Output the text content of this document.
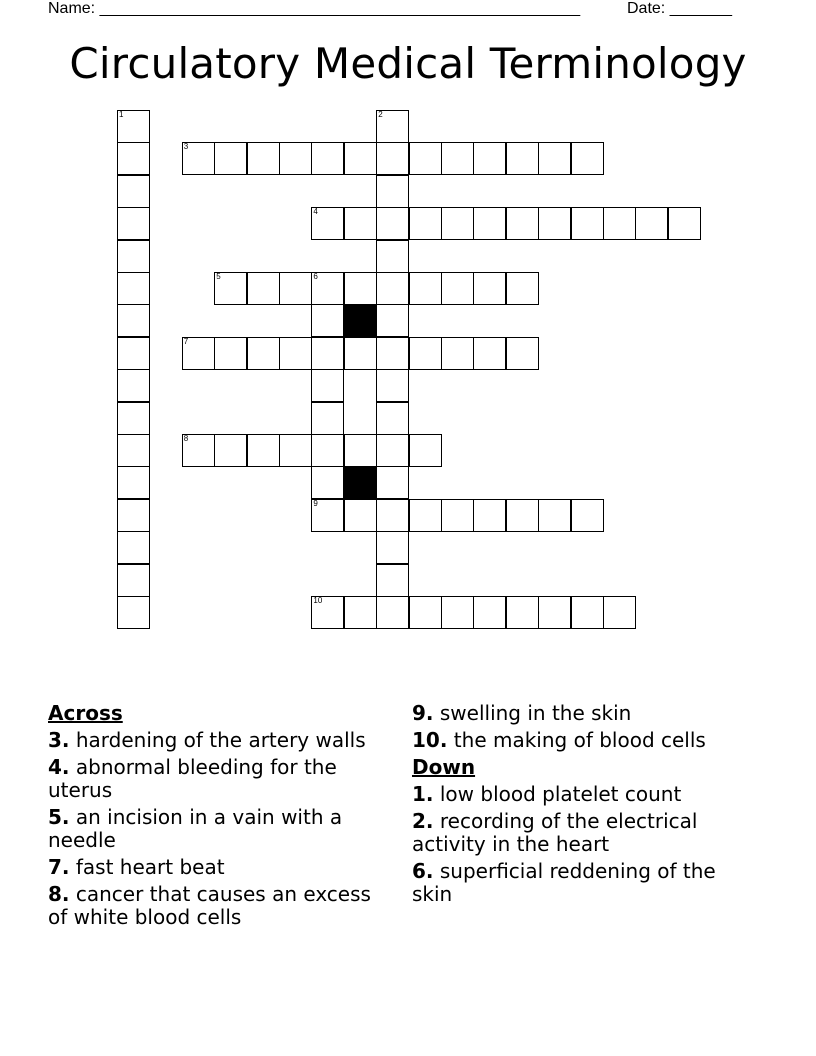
Name: ______________________________________________________	Date: _______
Circulatory Medical Terminology
1	2
3
4
5	6
9
7
8
10
Across
3. hardening of the artery walls
4. abnormal bleeding for the uterus
5. an incision in a vain with a needle
7. fast heart beat
8. cancer that causes an excess of white blood cells
9. swelling in the skin
10. the making of blood cells
Down
1. low blood platelet count
2. recording of the electrical activity in the heart
6. superficial reddening of the skin
